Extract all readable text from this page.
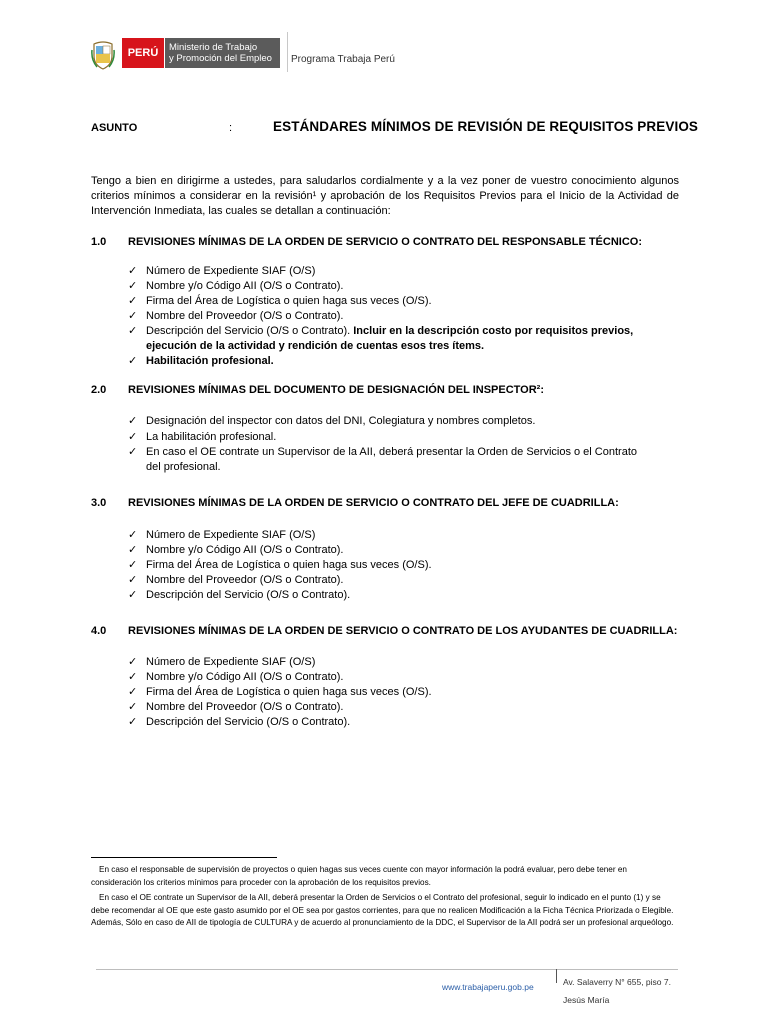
PERÚ	Ministerio de Trabajo
y Promoción del Empleo	Programa Trabaja Perú
ASUNTO	:	ESTÁNDARES MÍNIMOS DE REVISIÓN DE REQUISITOS PREVIOS
Tengo a bien en dirigirme a ustedes, para saludarlos cordialmente y a la vez poner de vuestro conocimiento algunos criterios mínimos a considerar en la revisión¹ y aprobación de los Requisitos Previos para el Inicio de la Actividad de Intervención Inmediata, las cuales se detallan a continuación:
1.0 REVISIONES MÍNIMAS DE LA ORDEN DE SERVICIO O CONTRATO DEL RESPONSABLE TÉCNICO:
✓ Número de Expediente SIAF (O/S)
✓ Nombre y/o Código AII (O/S o Contrato).
✓ Firma del Área de Logística o quien haga sus veces (O/S).
✓ Nombre del Proveedor (O/S o Contrato).
✓ Descripción del Servicio (O/S o Contrato). Incluir en la descripción costo por requisitos previos,
ejecución de la actividad y rendición de cuentas esos tres ítems.
✓ Habilitación profesional.
2.0 REVISIONES MÍNIMAS DEL DOCUMENTO DE DESIGNACIÓN DEL INSPECTOR²:
✓ Designación del inspector con datos del DNI, Colegiatura y nombres completos.
✓ La habilitación profesional.
✓ En caso el OE contrate un Supervisor de la AII, deberá presentar la Orden de Servicios o el Contrato
del profesional.
3.0 REVISIONES MÍNIMAS DE LA ORDEN DE SERVICIO O CONTRATO DEL JEFE DE CUADRILLA:
✓ Número de Expediente SIAF (O/S)
✓ Nombre y/o Código AII (O/S o Contrato).
✓ Firma del Área de Logística o quien haga sus veces (O/S).
✓ Nombre del Proveedor (O/S o Contrato).
✓ Descripción del Servicio (O/S o Contrato).
4.0 REVISIONES MÍNIMAS DE LA ORDEN DE SERVICIO O CONTRATO DE LOS AYUDANTES DE CUADRILLA:
✓ Número de Expediente SIAF (O/S)
✓ Nombre y/o Código AII (O/S o Contrato).
✓ Firma del Área de Logística o quien haga sus veces (O/S).
✓ Nombre del Proveedor (O/S o Contrato).
✓ Descripción del Servicio (O/S o Contrato).
En caso el responsable de supervisión de proyectos o quien hagas sus veces cuente con mayor información la podrá evaluar, pero debe tener en consideración los criterios mínimos para proceder con la aprobación de los requisitos previos.
En caso el OE contrate un Supervisor de la AII, deberá presentar la Orden de Servicios o el Contrato del profesional, seguir lo indicado en el punto (1) y se debe recomendar al OE que este gasto asumido por el OE sea por gastos corrientes, para que no realicen Modificación a la Ficha Técnica Priorizada o Elegible. Además, Sólo en caso de AII de tipología de CULTURA y de acuerdo al pronunciamiento de la DDC, el Supervisor de la AII podrá ser un profesional arqueólogo.
www.trabajaperu.gob.pe	Av. Salaverry N° 655, piso 7.
Jesús María
